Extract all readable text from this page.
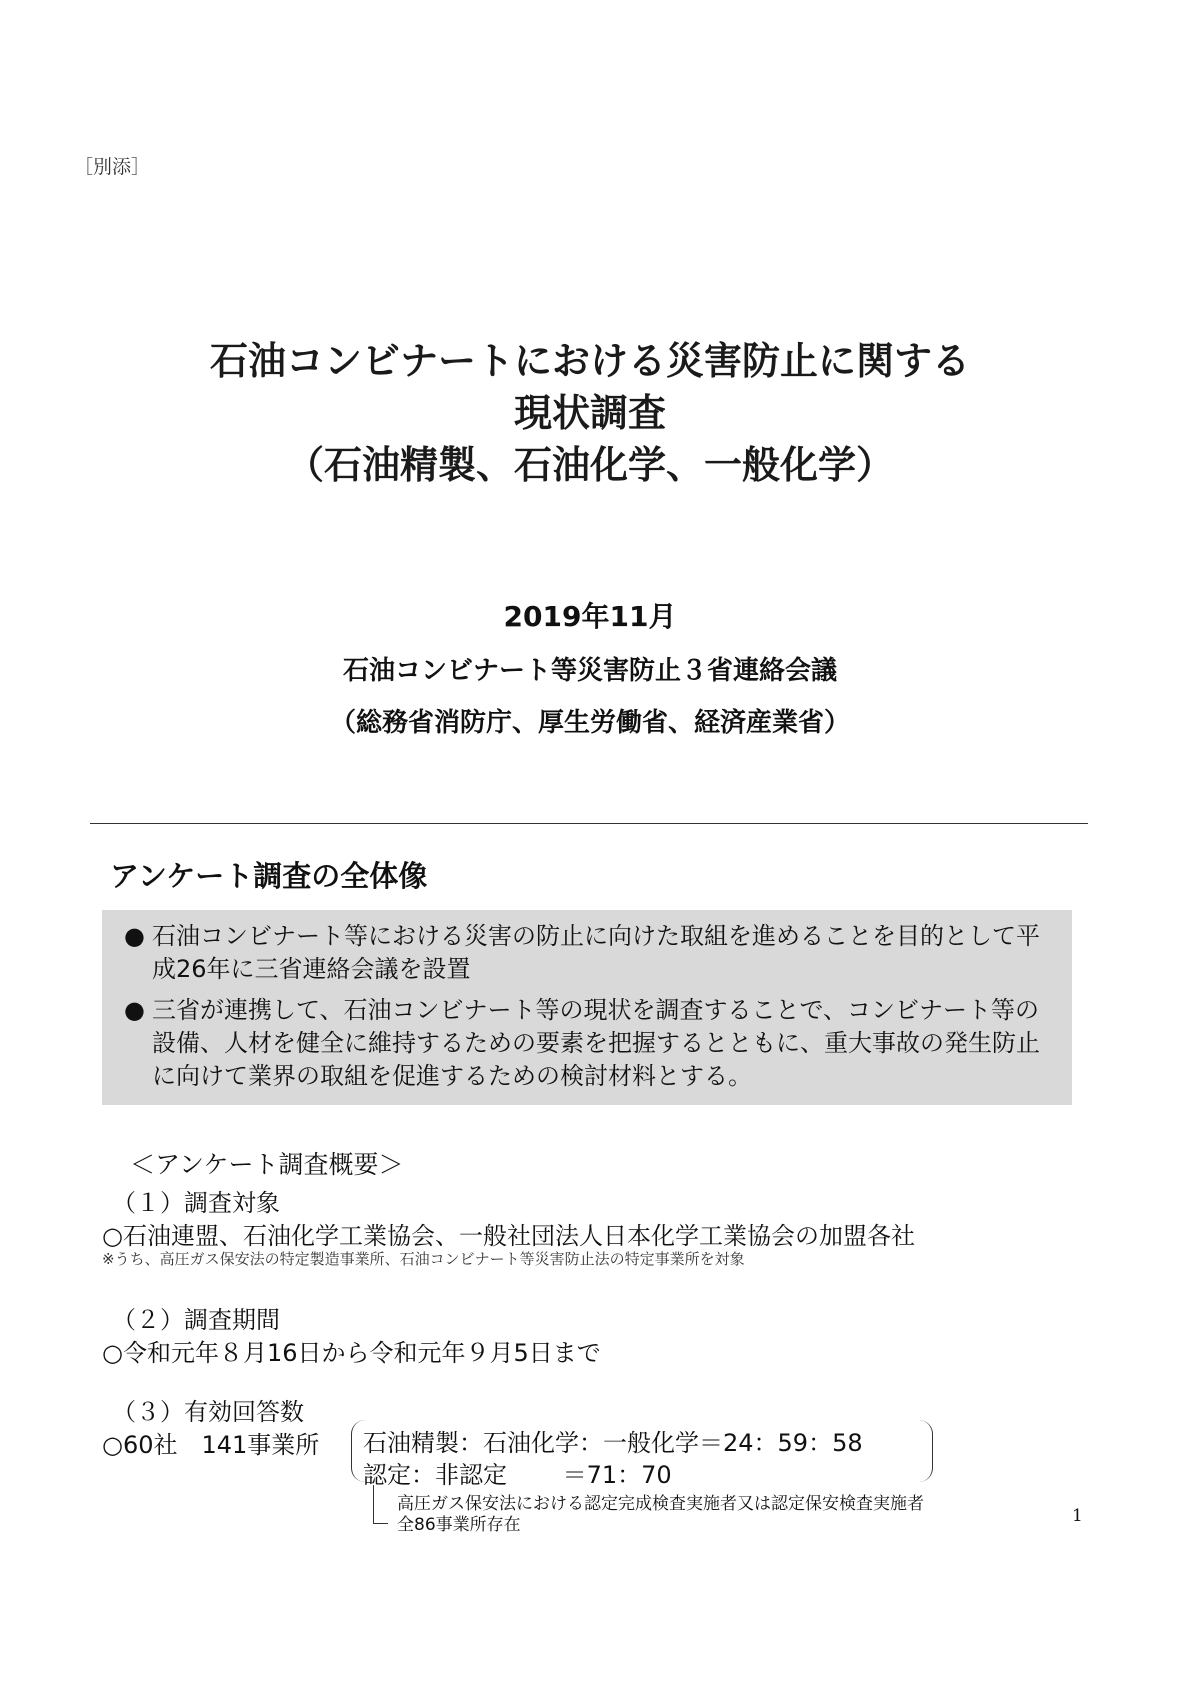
［別添］
石油コンビナートにおける災害防止に関する
現状調査
（石油精製、石油化学、一般化学）
2019年11月
石油コンビナート等災害防止３省連絡会議
（総務省消防庁、厚生労働省、経済産業省）
アンケート調査の全体像
● 石油コンビナート等における災害の防止に向けた取組を進めることを目的として平成26年に三省連絡会議を設置
● 三省が連携して、石油コンビナート等の現状を調査することで、コンビナート等の設備、人材を健全に維持するための要素を把握するとともに、重大事故の発生防止に向けて業界の取組を促進するための検討材料とする。
＜アンケート調査概要＞
（１）調査対象
○石油連盟、石油化学工業協会、一般社団法人日本化学工業協会の加盟各社
※うち、高圧ガス保安法の特定製造事業所、石油コンビナート等災害防止法の特定事業所を対象
（２）調査期間
○令和元年８月16日から令和元年９月5日まで
（３）有効回答数
○60社　141事業所 石油精製：石油化学：一般化学＝24：59：58
認定：非認定　　 ＝71：70
高圧ガス保安法における認定完成検査実施者又は認定保安検査実施者
全86事業所存在	1
